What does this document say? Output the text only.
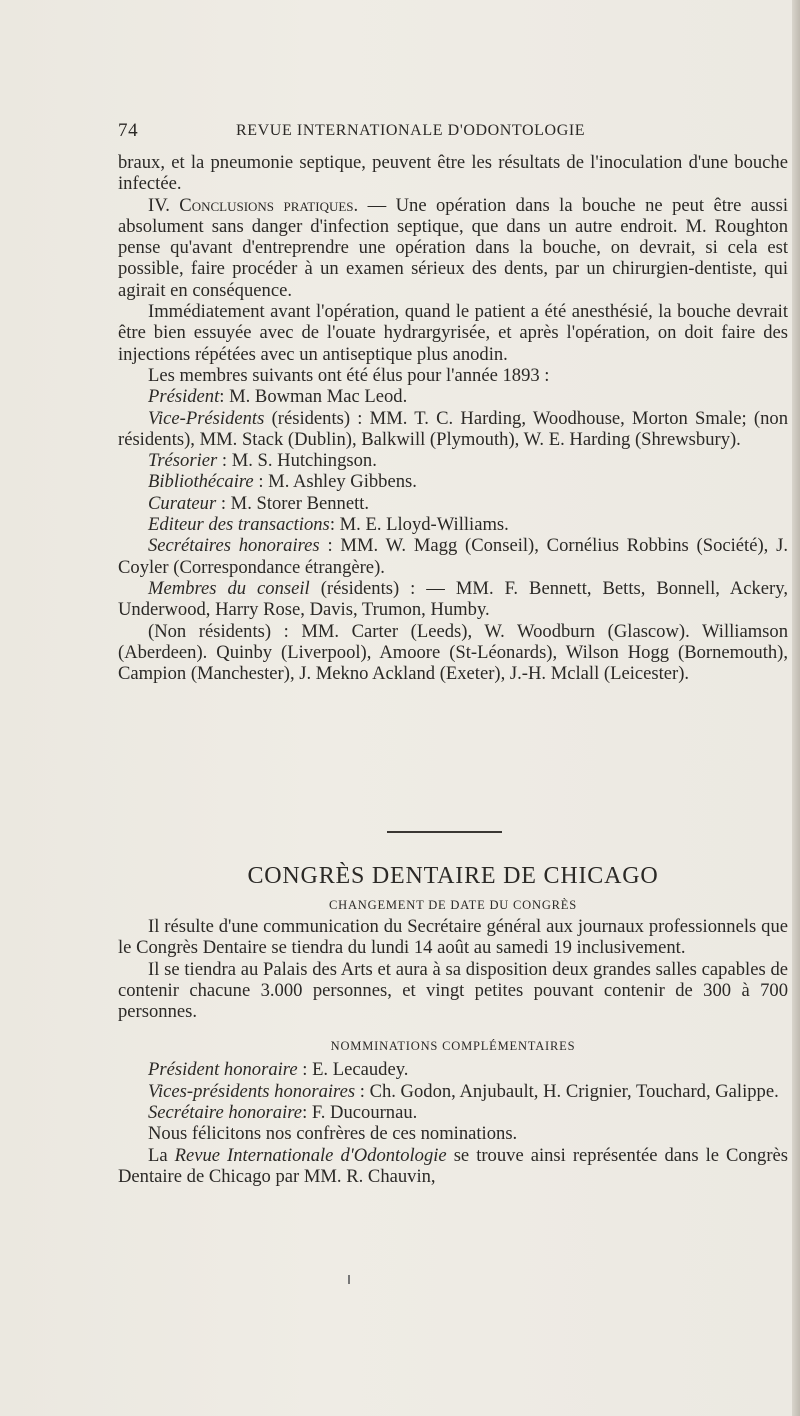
74	REVUE INTERNATIONALE D'ODONTOLOGIE

braux, et la pneumonie septique, peuvent être les résultats de l'inoculation d'une bouche infectée.

IV. Conclusions pratiques. — Une opération dans la bouche ne peut être aussi absolument sans danger d'infection septique, que dans un autre endroit. M. Roughton pense qu'avant d'entreprendre une opération dans la bouche, on devrait, si cela est possible, faire procéder à un examen sérieux des dents, par un chirurgien-dentiste, qui agirait en conséquence.

Immédiatement avant l'opération, quand le patient a été anesthésié, la bouche devrait être bien essuyée avec de l'ouate hydrargyrisée, et après l'opération, on doit faire des injections répétées avec un antiseptique plus anodin.

Les membres suivants ont été élus pour l'année 1893 :

Président: M. Bowman Mac Leod.

Vice-Présidents (résidents) : MM. T. C. Harding, Woodhouse, Morton Smale; (non résidents), MM. Stack (Dublin), Balkwill (Plymouth), W. E. Harding (Shrewsbury).

Trésorier : M. S. Hutchingson.

Bibliothécaire : M. Ashley Gibbens.

Curateur : M. Storer Bennett.

Editeur des transactions: M. E. Lloyd-Williams.

Secrétaires honoraires : MM. W. Magg (Conseil), Cornélius Robbins (Société), J. Coyler (Correspondance étrangère).

Membres du conseil (résidents) : — MM. F. Bennett, Betts, Bonnell, Ackery, Underwood, Harry Rose, Davis, Trumon, Humby.

(Non résidents) : MM. Carter (Leeds), W. Woodburn (Glascow). Williamson (Aberdeen). Quinby (Liverpool), Amoore (St-Léonards), Wilson Hogg (Bornemouth), Campion (Manchester), J. Mekno Ackland (Exeter), J.-H. Mclall (Leicester).

CONGRÈS DENTAIRE DE CHICAGO

CHANGEMENT DE DATE DU CONGRÈS

Il résulte d'une communication du Secrétaire général aux journaux professionnels que le Congrès Dentaire se tiendra du lundi 14 août au samedi 19 inclusivement.

Il se tiendra au Palais des Arts et aura à sa disposition deux grandes salles capables de contenir chacune 3.000 personnes, et vingt petites pouvant contenir de 300 à 700 personnes.

NOMMINATIONS COMPLÉMENTAIRES

Président honoraire : E. Lecaudey.

Vices-présidents honoraires : Ch. Godon, Anjubault, H. Crignier, Touchard, Galippe.

Secrétaire honoraire: F. Ducournau.

Nous félicitons nos confrères de ces nominations.

La Revue Internationale d'Odontologie se trouve ainsi représentée dans le Congrès Dentaire de Chicago par MM. R. Chauvin,
